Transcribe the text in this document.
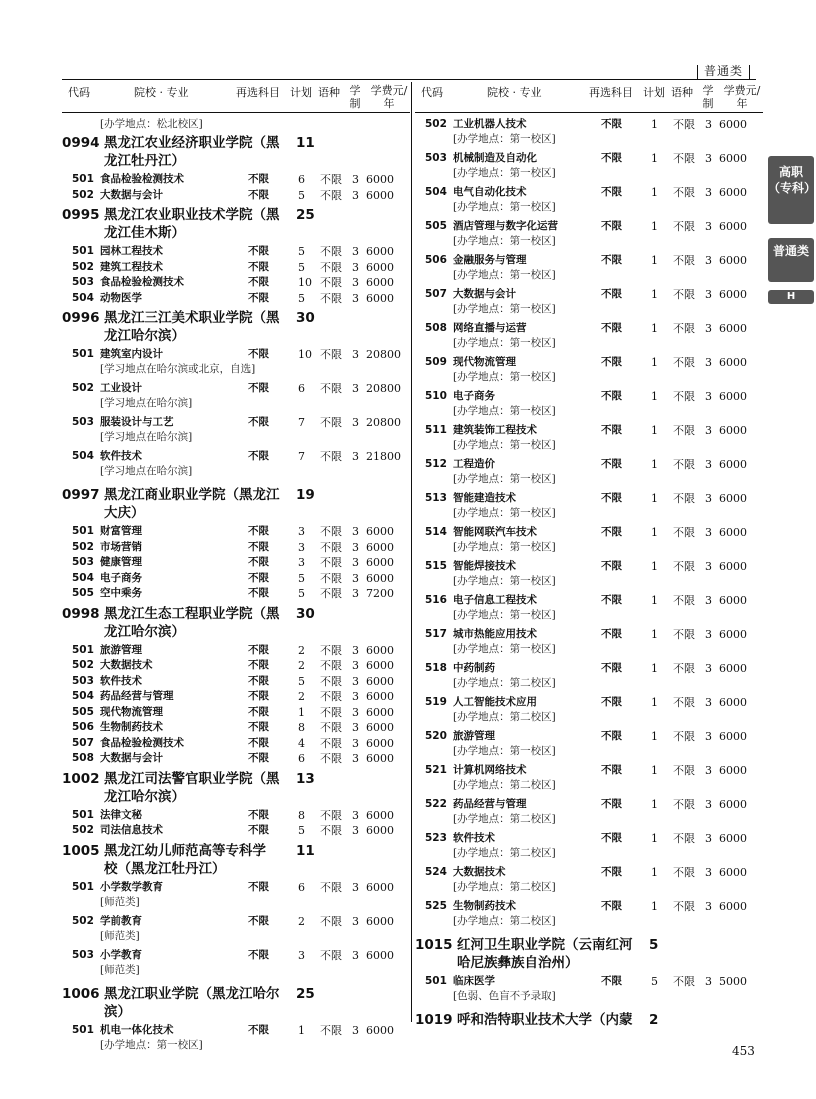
普通类
代码	院校 · 专业	再选科目 计划 语种 学制
学费元/年
[办学地点：松北校区]
0994 黑龙江农业经济职业学院（黑
龙江牡丹江）
11
501 食品检验检测技术	不限	6 不限 3 6000
502 大数据与会计	不限	5 不限 3 6000
0995 黑龙江农业职业技术学院（黑
龙江佳木斯）
25
501 园林工程技术	不限	5 不限 3 6000
502 建筑工程技术	不限	5 不限 3 6000
503 食品检验检测技术	不限	10 不限 3 6000
504 动物医学	不限	5 不限 3 6000
0996 黑龙江三江美术职业学院（黑
龙江哈尔滨）
30
501 建筑室内设计	不限	10 不限 3 20800
[学习地点在哈尔滨或北京，自选]
502 工业设计	不限	6 不限 3 20800
[学习地点在哈尔滨]
503 服装设计与工艺	不限	7 不限 3 20800
[学习地点在哈尔滨]
504 软件技术	不限	7 不限 3 21800
[学习地点在哈尔滨]
0997 黑龙江商业职业学院（黑龙江
大庆）
19
501 财富管理	不限	3 不限 3 6000
502 市场营销	不限	3 不限 3 6000
503 健康管理	不限	3 不限 3 6000
504 电子商务	不限	5 不限 3 6000
505 空中乘务	不限	5 不限 3 7200
0998 黑龙江生态工程职业学院（黑
龙江哈尔滨）
30
501 旅游管理	不限	2 不限 3 6000
502 大数据技术	不限	2 不限 3 6000
503 软件技术	不限	5 不限 3 6000
504 药品经营与管理	不限	2 不限 3 6000
505 现代物流管理	不限	1 不限 3 6000
506 生物制药技术	不限	8 不限 3 6000
507 食品检验检测技术	不限	4 不限 3 6000
508 大数据与会计	不限	6 不限 3 6000
1002 黑龙江司法警官职业学院（黑
龙江哈尔滨）
13
501 法律文秘	不限	8 不限 3 6000
502 司法信息技术	不限	5 不限 3 6000
1005 黑龙江幼儿师范高等专科学
校（黑龙江牡丹江）
11
501 小学数学教育	不限	6 不限 3 6000
[师范类]
502 学前教育	不限	2 不限 3 6000
[师范类]
503 小学教育	不限	3 不限 3 6000
[师范类]
1006 黑龙江职业学院（黑龙江哈尔
滨）
25
501 机电一体化技术	不限	1 不限 3 6000
[办学地点：第一校区]
代码	院校 · 专业	再选科目 计划 语种 学制
学费元/年
502 工业机器人技术	不限	1 不限 3 6000
[办学地点：第一校区]
503 机械制造及自动化	不限	1 不限 3 6000
[办学地点：第一校区]
504 电气自动化技术	不限	1 不限 3 6000
[办学地点：第一校区]
505 酒店管理与数字化运营	不限	1 不限 3 6000
[办学地点：第一校区]
506 金融服务与管理	不限	1 不限 3 6000
[办学地点：第一校区]
507 大数据与会计	不限	1 不限 3 6000
[办学地点：第一校区]
508 网络直播与运营	不限	1 不限 3 6000
[办学地点：第一校区]
509 现代物流管理	不限	1 不限 3 6000
[办学地点：第一校区]
510 电子商务	不限	1 不限 3 6000
[办学地点：第一校区]
511 建筑装饰工程技术	不限	1 不限 3 6000
[办学地点：第一校区]
512 工程造价	不限	1 不限 3 6000
[办学地点：第一校区]
513 智能建造技术	不限	1 不限 3 6000
[办学地点：第一校区]
514 智能网联汽车技术	不限	1 不限 3 6000
[办学地点：第一校区]
515 智能焊接技术	不限	1 不限 3 6000
[办学地点：第一校区]
516 电子信息工程技术	不限	1 不限 3 6000
[办学地点：第一校区]
517 城市热能应用技术	不限	1 不限 3 6000
[办学地点：第一校区]
518 中药制药	不限	1 不限 3 6000
[办学地点：第二校区]
519 人工智能技术应用	不限	1 不限 3 6000
[办学地点：第二校区]
520 旅游管理	不限	1 不限 3 6000
[办学地点：第一校区]
521 计算机网络技术	不限	1 不限 3 6000
[办学地点：第二校区]
522 药品经营与管理	不限	1 不限 3 6000
[办学地点：第二校区]
523 软件技术	不限	1 不限 3 6000
[办学地点：第二校区]
524 大数据技术	不限	1 不限 3 6000
[办学地点：第二校区]
525 生物制药技术	不限	1 不限 3 6000
[办学地点：第二校区]
1015 红河卫生职业学院（云南红河
哈尼族彝族自治州）
5
501 临床医学	不限	5 不限 3 5000
[色弱、色盲不予录取]
1019 呼和浩特职业技术大学（内蒙	2
高职（专科）
普通类
H
453
